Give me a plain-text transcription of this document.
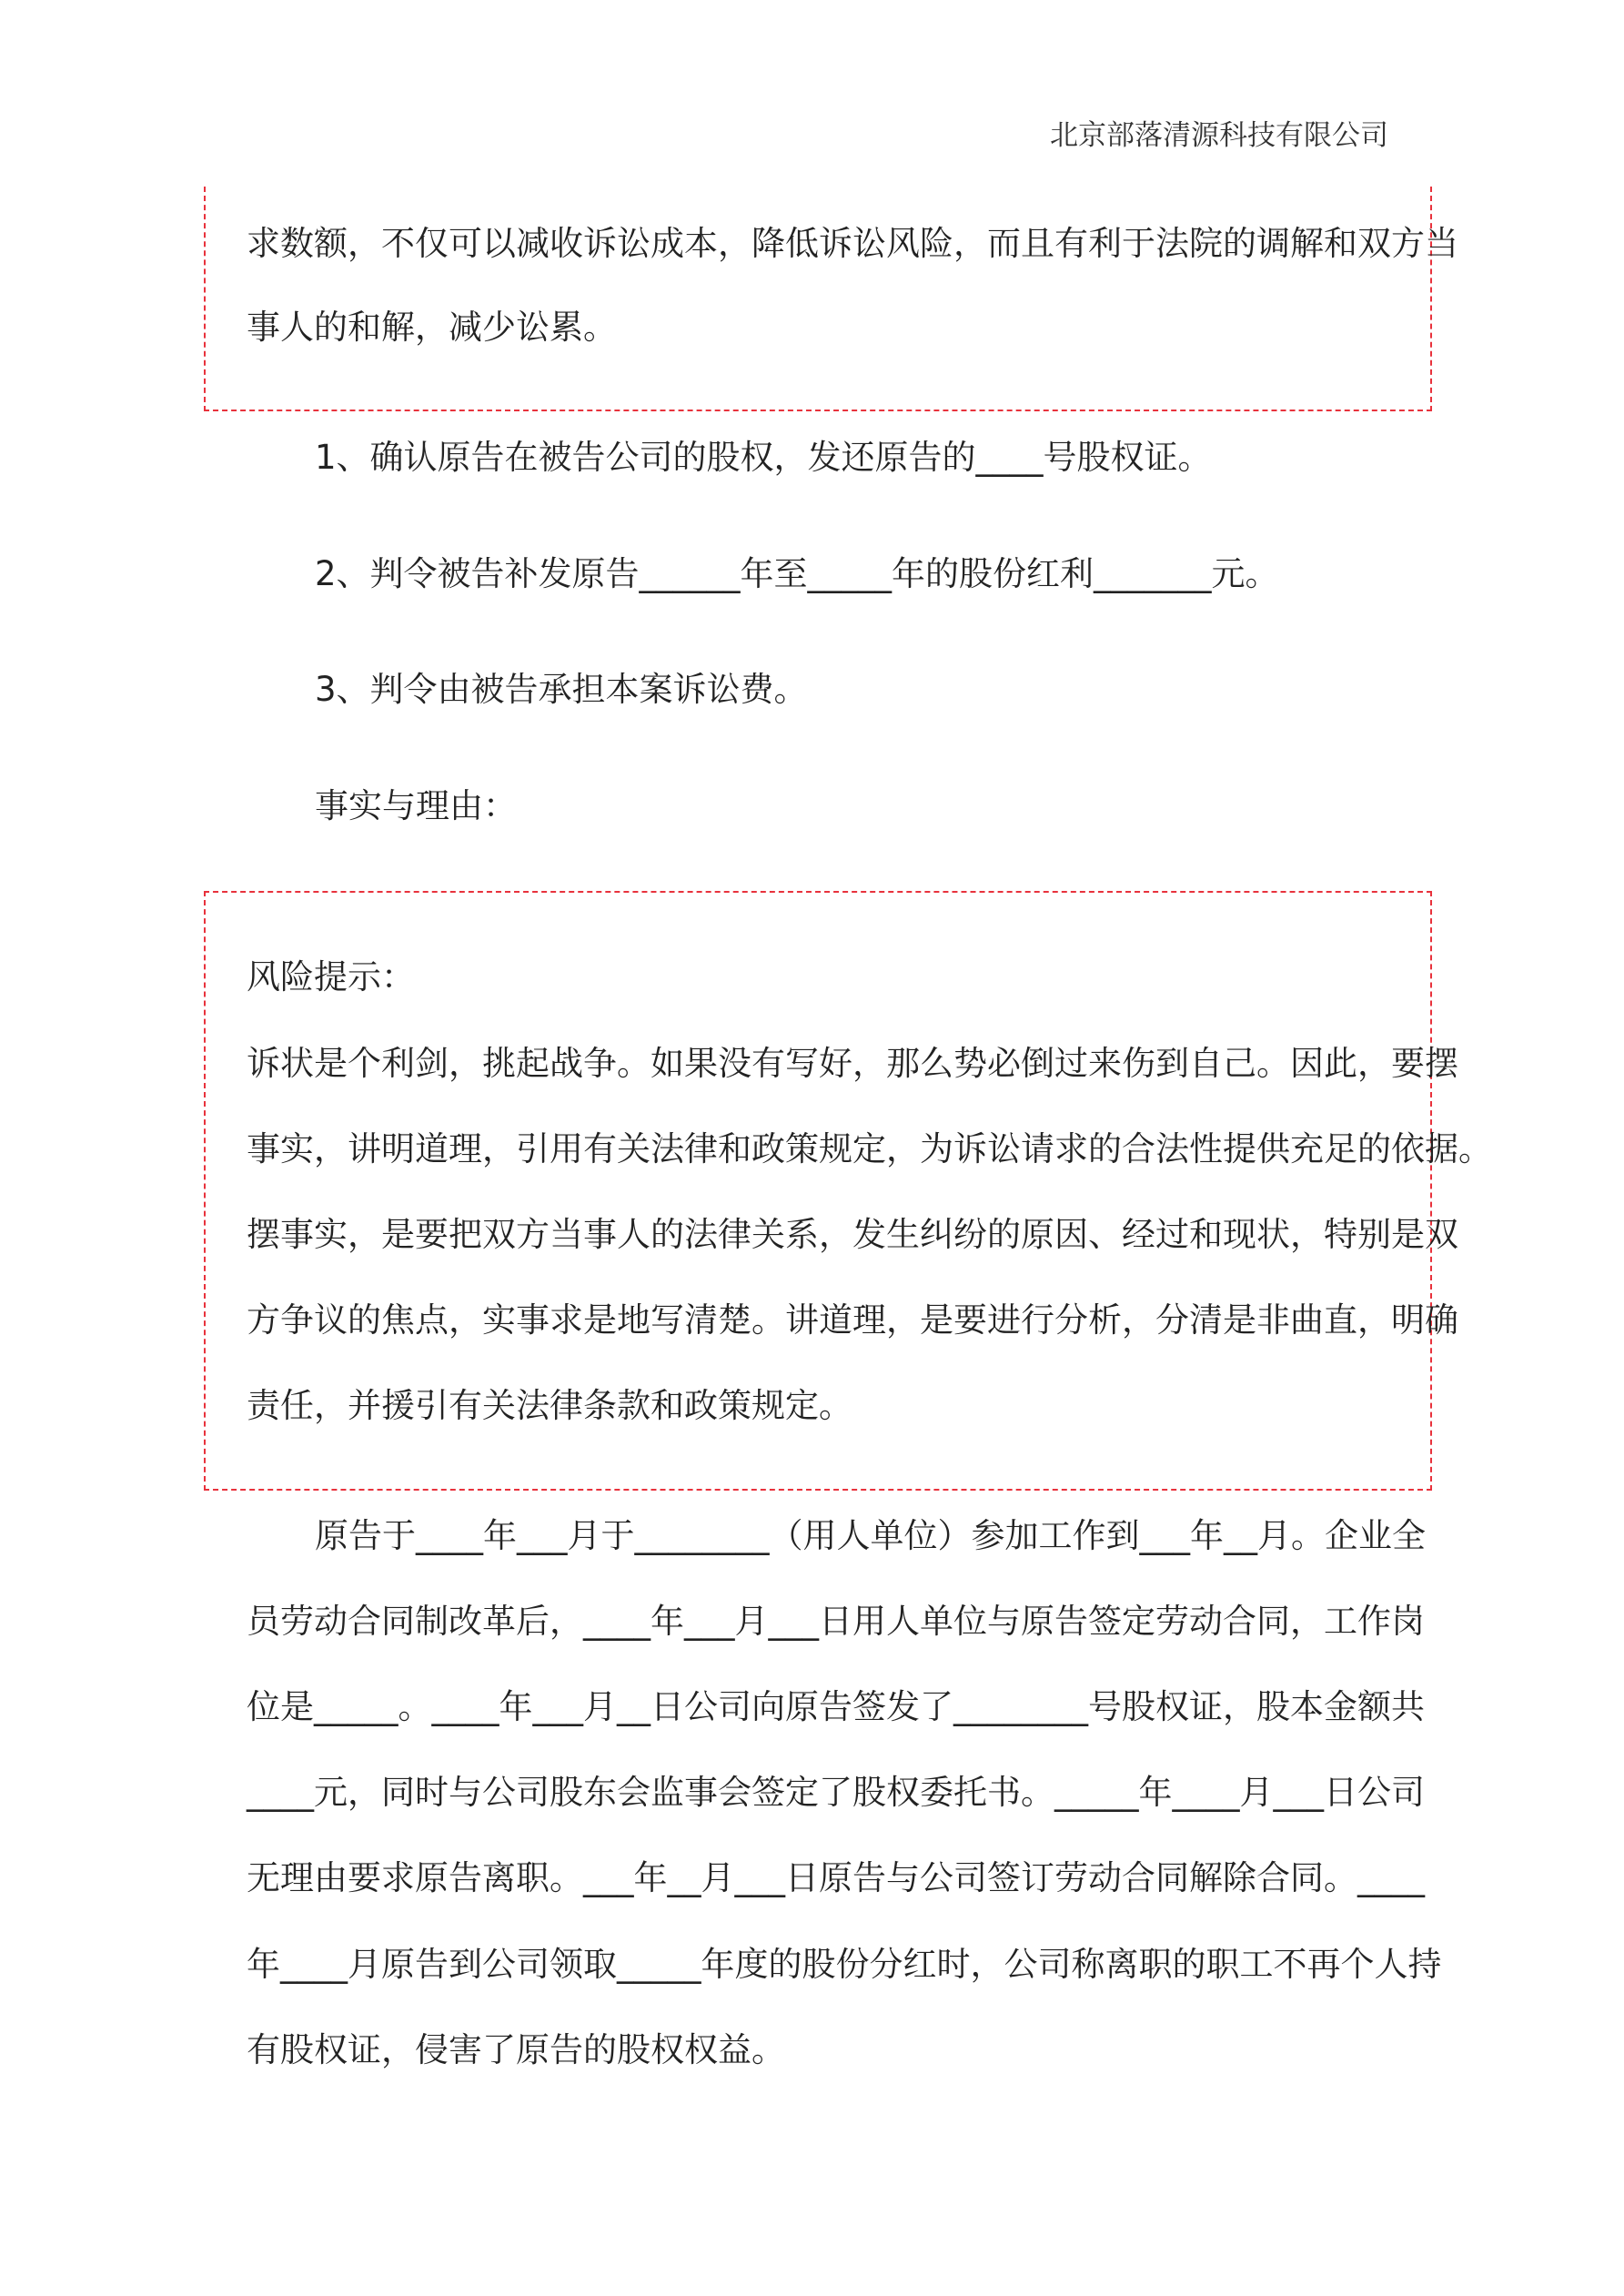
北京部落清源科技有限公司
求数额，不仅可以减收诉讼成本，降低诉讼风险，而且有利于法院的调解和双方当
事人的和解，减少讼累。
1、确认原告在被告公司的股权，发还原告的____号股权证。
2、判令被告补发原告______年至_____年的股份红利_______元。
3、判令由被告承担本案诉讼费。
事实与理由：
风险提示：
诉状是个利剑，挑起战争。如果没有写好，那么势必倒过来伤到自己。因此，要摆
事实，讲明道理，引用有关法律和政策规定，为诉讼请求的合法性提供充足的依据。
摆事实，是要把双方当事人的法律关系，发生纠纷的原因、经过和现状，特别是双
方争议的焦点，实事求是地写清楚。讲道理，是要进行分析，分清是非曲直，明确
责任，并援引有关法律条款和政策规定。
原告于____年___月于________（用人单位）参加工作到___年__月。企业全
员劳动合同制改革后，____年___月___日用人单位与原告签定劳动合同，工作岗
位是_____。____年___月__日公司向原告签发了________号股权证，股本金额共
____元，同时与公司股东会监事会签定了股权委托书。_____年____月___日公司
无理由要求原告离职。___年__月___日原告与公司签订劳动合同解除合同。____
年____月原告到公司领取_____年度的股份分红时，公司称离职的职工不再个人持
有股权证，侵害了原告的股权权益。
